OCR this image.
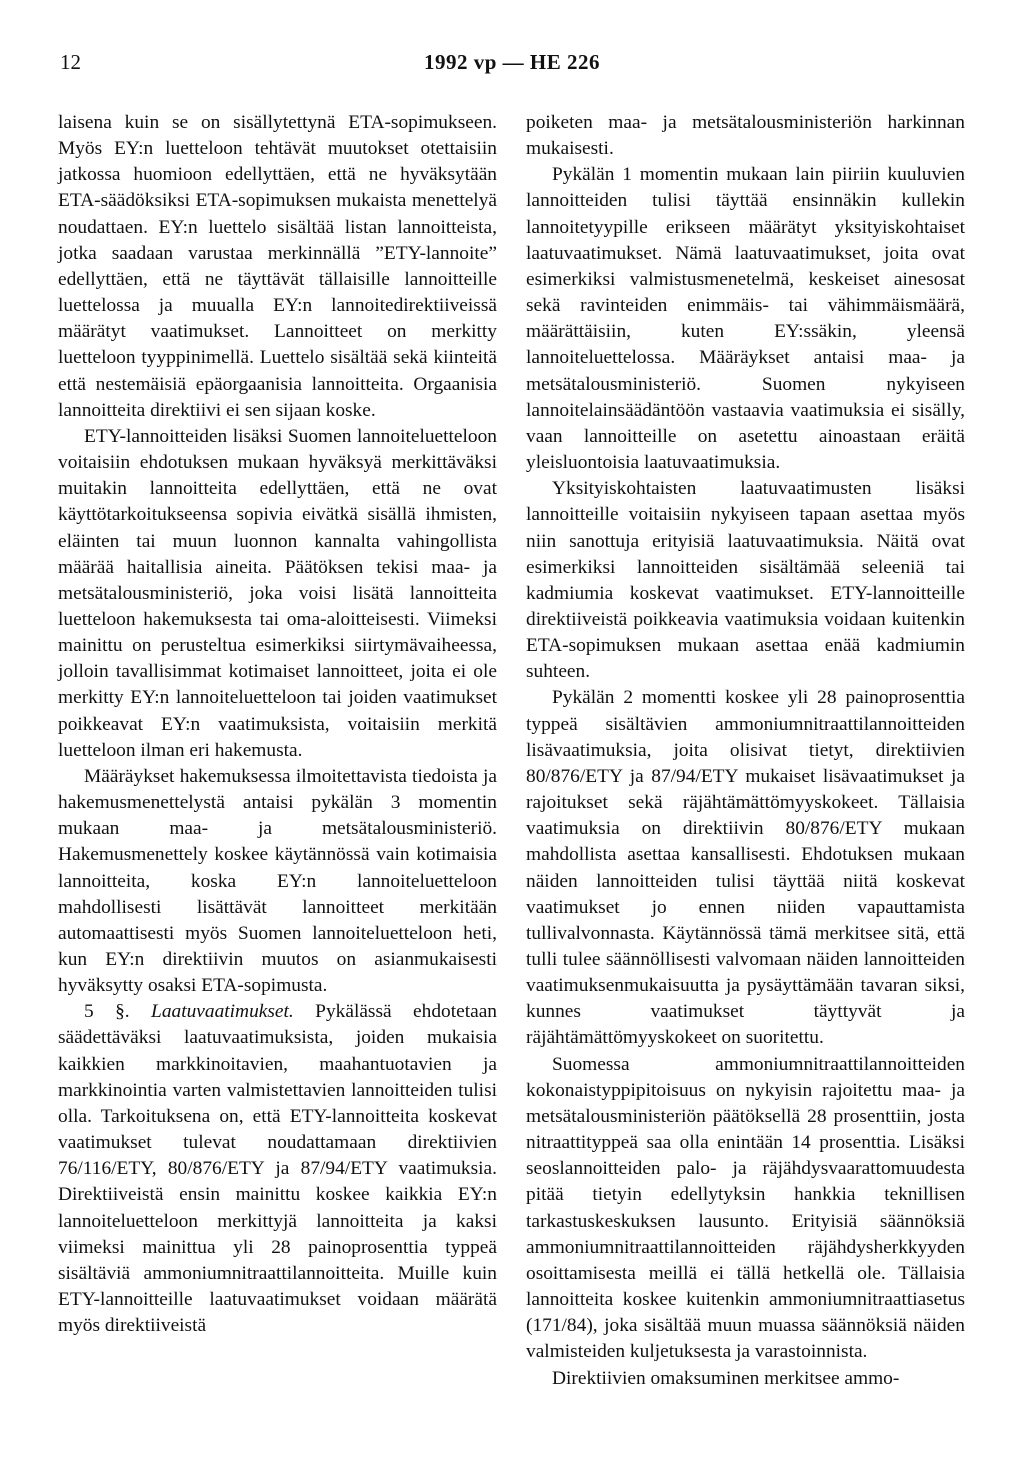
12	1992 vp — HE 226

laisena kuin se on sisällytettynä ETA-sopimukseen. Myös EY:n luetteloon tehtävät muutokset otettaisiin jatkossa huomioon edellyttäen, että ne hyväksytään ETA-säädöksiksi ETA-sopimuksen mukaista menettelyä noudattaen. EY:n luettelo sisältää listan lannoitteista, jotka saadaan varustaa merkinnällä ”ETY-lannoite” edellyttäen, että ne täyttävät tällaisille lannoitteille luettelossa ja muualla EY:n lannoitedirektiiveissä määrätyt vaatimukset. Lannoitteet on merkitty luetteloon tyyppinimellä. Luettelo sisältää sekä kiinteitä että nestemäisiä epäorgaanisia lannoitteita. Orgaanisia lannoitteita direktiivi ei sen sijaan koske.

ETY-lannoitteiden lisäksi Suomen lannoiteluetteloon voitaisiin ehdotuksen mukaan hyväksyä merkittäväksi muitakin lannoitteita edellyttäen, että ne ovat käyttötarkoitukseensa sopivia eivätkä sisällä ihmisten, eläinten tai muun luonnon kannalta vahingollista määrää haitallisia aineita. Päätöksen tekisi maa- ja metsätalousministeriö, joka voisi lisätä lannoitteita luetteloon hakemuksesta tai oma-aloitteisesti. Viimeksi mainittu on perusteltua esimerkiksi siirtymävaiheessa, jolloin tavallisimmat kotimaiset lannoitteet, joita ei ole merkitty EY:n lannoiteluetteloon tai joiden vaatimukset poikkeavat EY:n vaatimuksista, voitaisiin merkitä luetteloon ilman eri hakemusta.

Määräykset hakemuksessa ilmoitettavista tiedoista ja hakemusmenettelystä antaisi pykälän 3 momentin mukaan maa- ja metsätalousministeriö. Hakemusmenettely koskee käytännössä vain kotimaisia lannoitteita, koska EY:n lannoiteluetteloon mahdollisesti lisättävät lannoitteet merkitään automaattisesti myös Suomen lannoiteluetteloon heti, kun EY:n direktiivin muutos on asianmukaisesti hyväksytty osaksi ETA-sopimusta.

5 §. Laatuvaatimukset. Pykälässä ehdotetaan säädettäväksi laatuvaatimuksista, joiden mukaisia kaikkien markkinoitavien, maahantuotavien ja markkinointia varten valmistettavien lannoitteiden tulisi olla. Tarkoituksena on, että ETY-lannoitteita koskevat vaatimukset tulevat noudattamaan direktiivien 76/116/ETY, 80/876/ETY ja 87/94/ETY vaatimuksia. Direktiiveistä ensin mainittu koskee kaikkia EY:n lannoiteluetteloon merkittyjä lannoitteita ja kaksi viimeksi mainittua yli 28 painoprosenttia typpeä sisältäviä ammoniumnitraattilannoitteita. Muille kuin ETY-lannoitteille laatuvaatimukset voidaan määrätä myös direktiiveistä

poiketen maa- ja metsätalousministeriön harkinnan mukaisesti.

Pykälän 1 momentin mukaan lain piiriin kuuluvien lannoitteiden tulisi täyttää ensinnäkin kullekin lannoitetyypille erikseen määrätyt yksityiskohtaiset laatuvaatimukset. Nämä laatuvaatimukset, joita ovat esimerkiksi valmistusmenetelmä, keskeiset ainesosat sekä ravinteiden enimmäis- tai vähimmäismäärä, määrättäisiin, kuten EY:ssäkin, yleensä lannoiteluettelossa. Määräykset antaisi maa- ja metsätalousministeriö. Suomen nykyiseen lannoitelainsäädäntöön vastaavia vaatimuksia ei sisälly, vaan lannoitteille on asetettu ainoastaan eräitä yleisluontoisia laatuvaatimuksia.

Yksityiskohtaisten laatuvaatimusten lisäksi lannoitteille voitaisiin nykyiseen tapaan asettaa myös niin sanottuja erityisiä laatuvaatimuksia. Näitä ovat esimerkiksi lannoitteiden sisältämää seleeniä tai kadmiumia koskevat vaatimukset. ETY-lannoitteille direktiiveistä poikkeavia vaatimuksia voidaan kuitenkin ETA-sopimuksen mukaan asettaa enää kadmiumin suhteen.

Pykälän 2 momentti koskee yli 28 painoprosenttia typpeä sisältävien ammoniumnitraattilannoitteiden lisävaatimuksia, joita olisivat tietyt, direktiivien 80/876/ETY ja 87/94/ETY mukaiset lisävaatimukset ja rajoitukset sekä räjähtämättömyyskokeet. Tällaisia vaatimuksia on direktiivin 80/876/ETY mukaan mahdollista asettaa kansallisesti. Ehdotuksen mukaan näiden lannoitteiden tulisi täyttää niitä koskevat vaatimukset jo ennen niiden vapauttamista tullivalvonnasta. Käytännössä tämä merkitsee sitä, että tulli tulee säännöllisesti valvomaan näiden lannoitteiden vaatimuksenmukaisuutta ja pysäyttämään tavaran siksi, kunnes vaatimukset täyttyvät ja räjähtämättömyyskokeet on suoritettu.

Suomessa ammoniumnitraattilannoitteiden kokonaistyppipitoisuus on nykyisin rajoitettu maa- ja metsätalousministeriön päätöksellä 28 prosenttiin, josta nitraattityppeä saa olla enintään 14 prosenttia. Lisäksi seoslannoitteiden palo- ja räjähdysvaarattomuudesta pitää tietyin edellytyksin hankkia teknillisen tarkastuskeskuksen lausunto. Erityisiä säännöksiä ammoniumnitraattilannoitteiden räjähdysherkkyyden osoittamisesta meillä ei tällä hetkellä ole. Tällaisia lannoitteita koskee kuitenkin ammoniumnitraattiasetus (171/84), joka sisältää muun muassa säännöksiä näiden valmisteiden kuljetuksesta ja varastoinnista.

Direktiivien omaksuminen merkitsee ammo-
